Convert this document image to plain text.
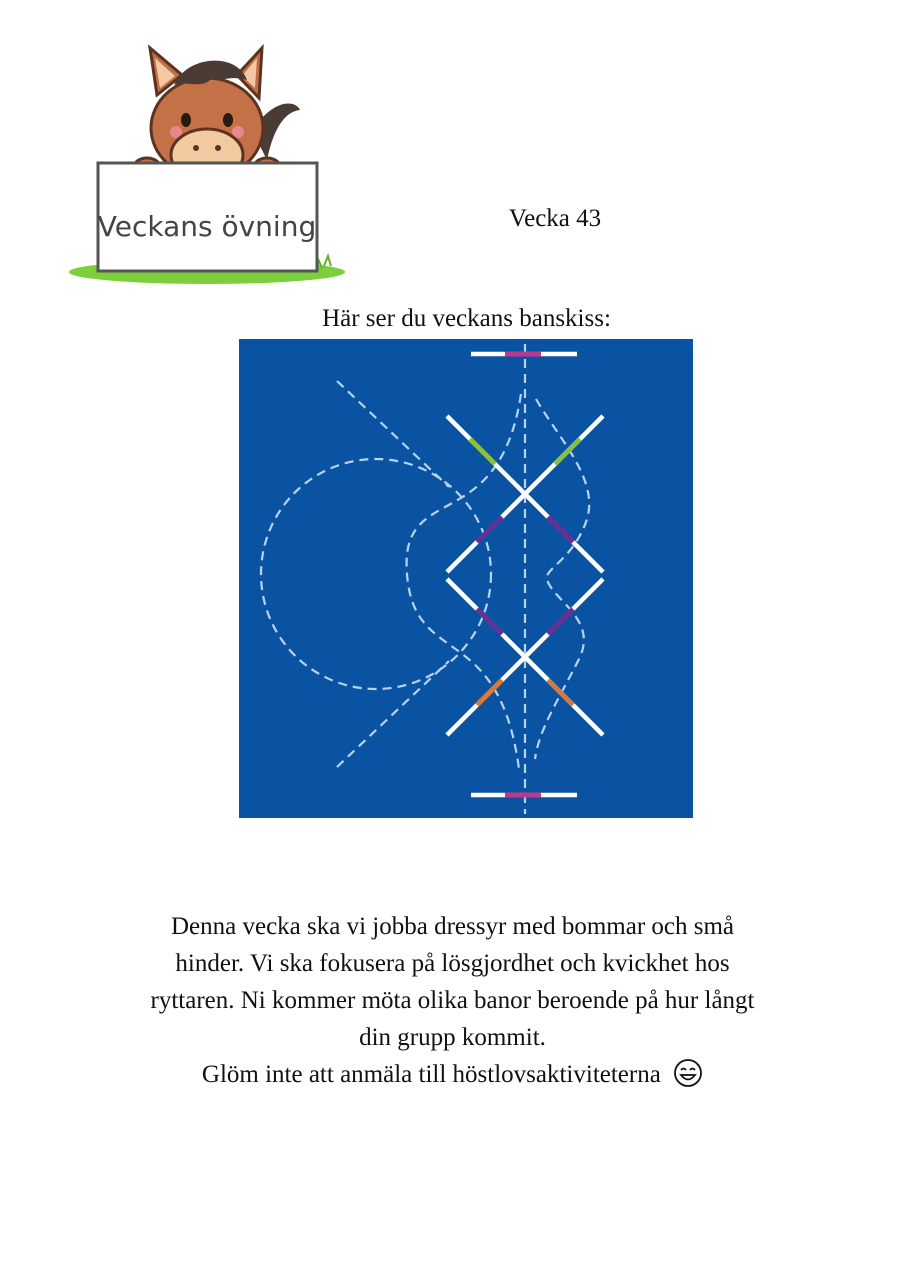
Veckans övning	Vecka 43
Här ser du veckans banskiss:

Denna vecka ska vi jobba dressyr med bommar och små
hinder. Vi ska fokusera på lösgjordhet och kvickhet hos
ryttaren. Ni kommer möta olika banor beroende på hur långt
din grupp kommit.

Glöm inte att anmäla till höstlovsaktiviteterna
